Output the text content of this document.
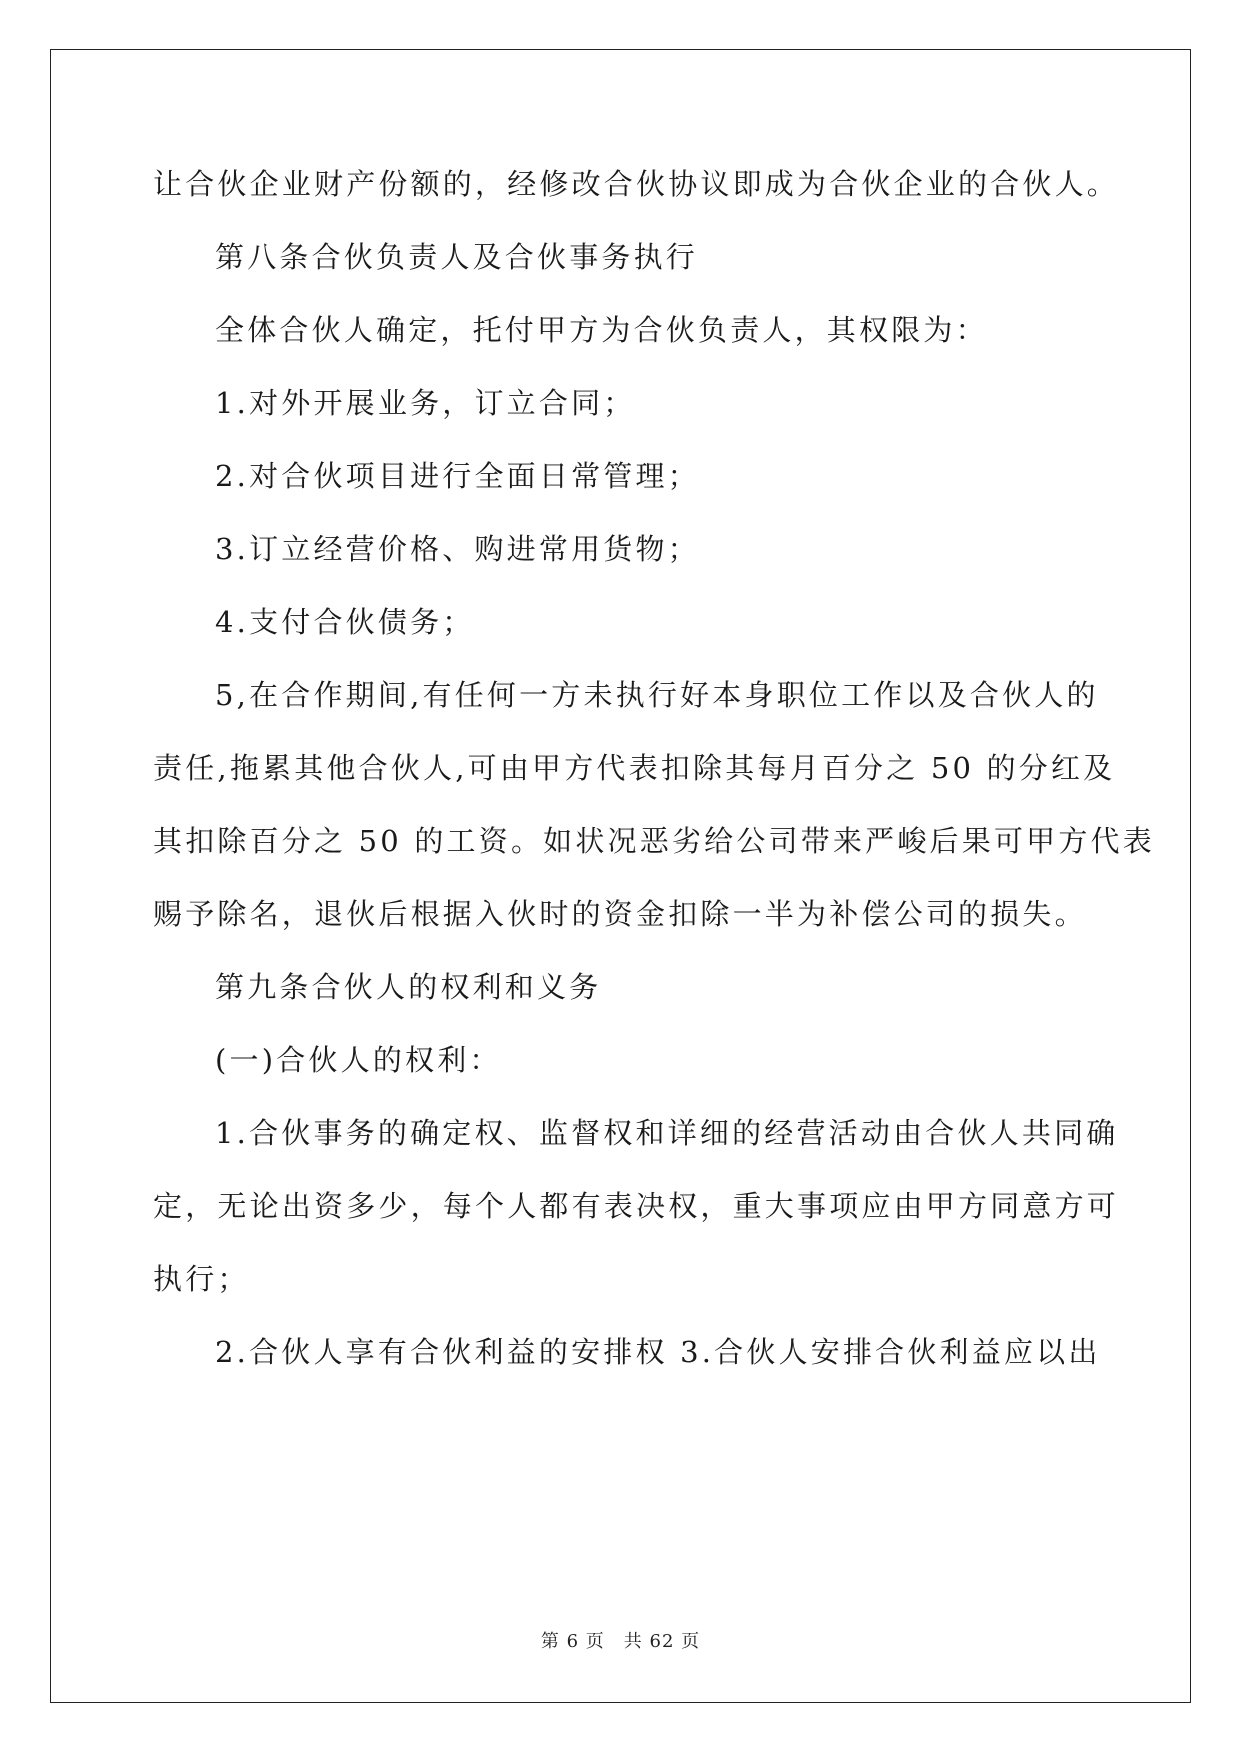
让合伙企业财产份额的，经修改合伙协议即成为合伙企业的合伙人。
第八条合伙负责人及合伙事务执行
全体合伙人确定，托付甲方为合伙负责人，其权限为：
1.对外开展业务，订立合同；
2.对合伙项目进行全面日常管理；
3.订立经营价格、购进常用货物；
4.支付合伙债务；
5,在合作期间,有任何一方未执行好本身职位工作以及合伙人的
责任,拖累其他合伙人,可由甲方代表扣除其每月百分之 50 的分红及
其扣除百分之 50 的工资。如状况恶劣给公司带来严峻后果可甲方代表
赐予除名，退伙后根据入伙时的资金扣除一半为补偿公司的损失。
第九条合伙人的权利和义务
(一)合伙人的权利：
1.合伙事务的确定权、监督权和详细的经营活动由合伙人共同确
定，无论出资多少，每个人都有表决权，重大事项应由甲方同意方可
执行；
2.合伙人享有合伙利益的安排权 3.合伙人安排合伙利益应以出
第 6 页　共 62 页
